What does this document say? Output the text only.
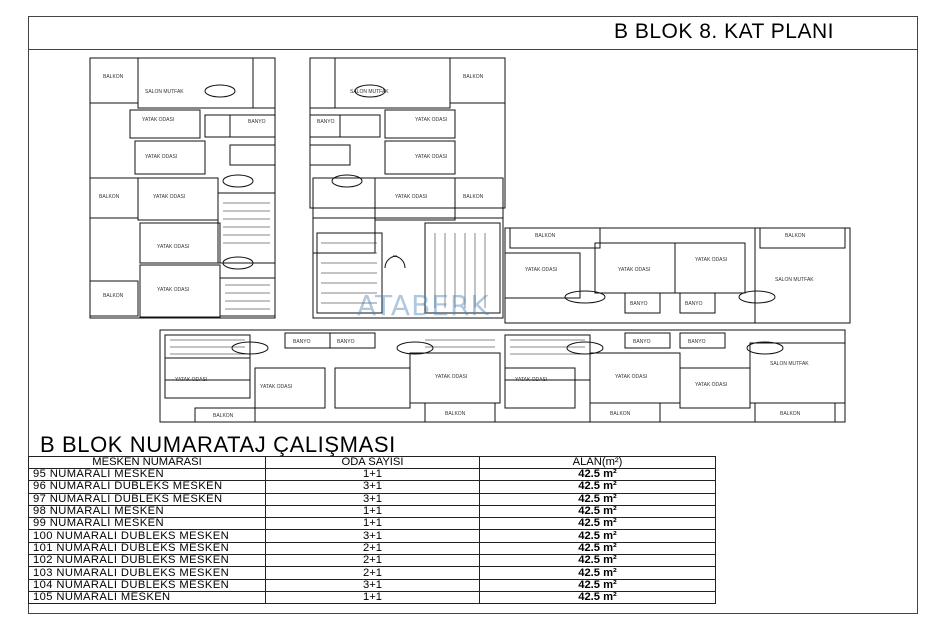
B BLOK 8. KAT PLANI
BALKON
SALON MUTFAK
YATAK ODASI	BANYO
YATAK ODASI
BALKON	YATAK ODASI
YATAK ODASI
YATAK ODASI
BALKON
SALON MUTFAK
BALKON
YATAK ODASI
BANYO
YATAK ODASI
BALKON
YATAK ODASI
BALKON
YATAK ODASI	YATAK ODASI
YATAK ODASI
BANYO	BANYO
BALKON
SALON MUTFAK
YATAK ODASI
YATAK ODASI
BANYO	BANYO
YATAK ODASI	YATAK ODASI	YATAK ODASI
BANYO	BANYO
YATAK ODASI
SALON MUTFAK
BALKON	BALKON	BALKON	BALKON
ATABERK
B BLOK NUMARATAJ ÇALIŞMASI
MESKEN NUMARASI	ODA SAYISI	ALAN(m²)
95 NUMARALI MESKEN	1+1	42.5 m²
96 NUMARALI DUBLEKS MESKEN	3+1	42.5 m²
97 NUMARALI DUBLEKS MESKEN	3+1	42.5 m²
98 NUMARALI MESKEN	1+1	42.5 m²
99 NUMARALI MESKEN	1+1	42.5 m²
100 NUMARALI DUBLEKS MESKEN	3+1	42.5 m²
101 NUMARALI DUBLEKS MESKEN	2+1	42.5 m²
102 NUMARALI DUBLEKS MESKEN	2+1	42.5 m²
103 NUMARALI DUBLEKS MESKEN	2+1	42.5 m²
104 NUMARALI DUBLEKS MESKEN	3+1	42.5 m²
105 NUMARALI MESKEN	1+1	42.5 m²
